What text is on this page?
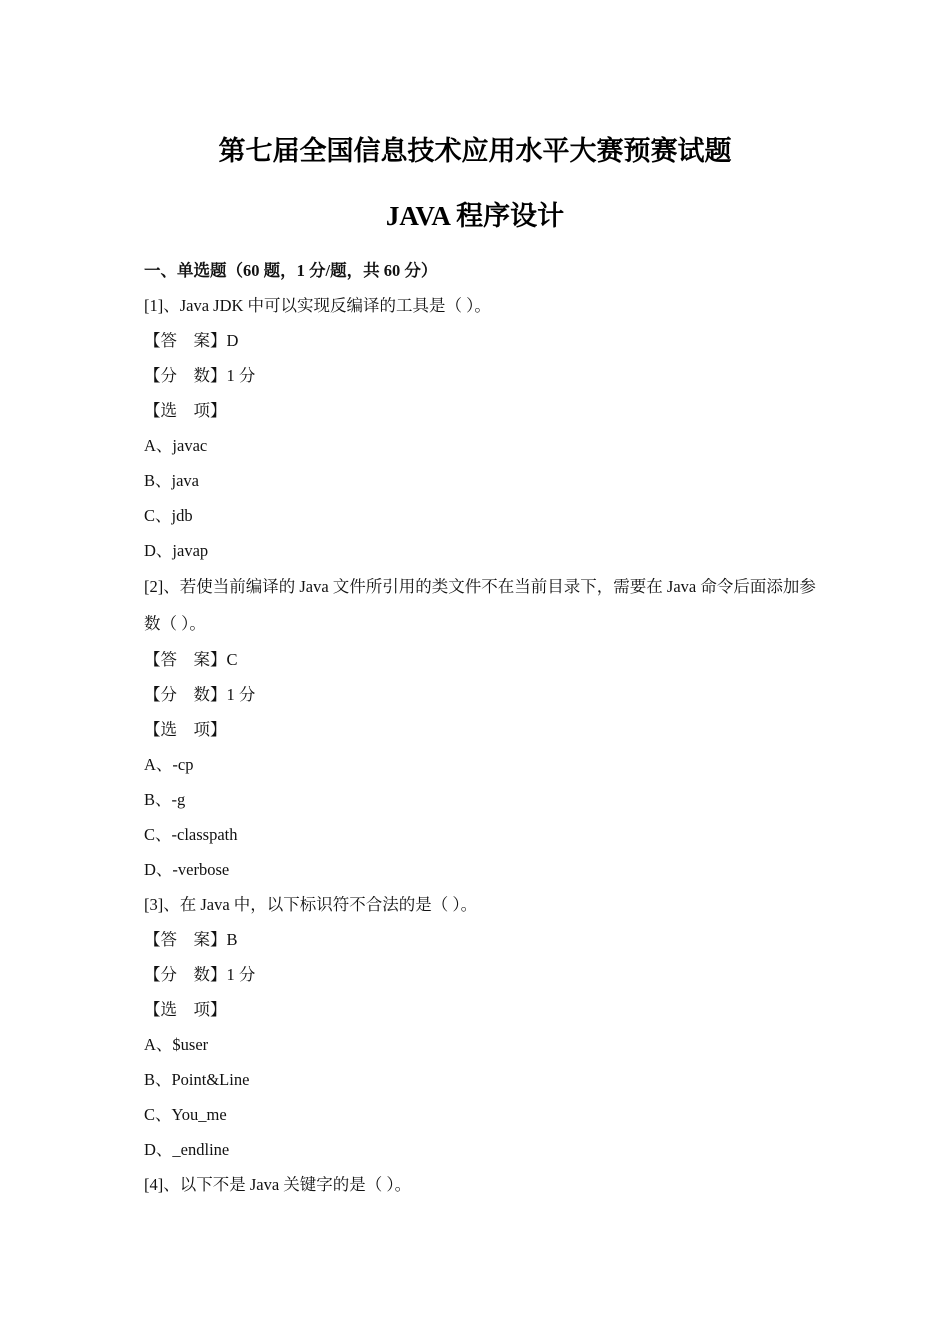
第七届全国信息技术应用水平大赛预赛试题
JAVA 程序设计
一、单选题（60 题，1 分/题，共 60 分）
[1]、Java JDK 中可以实现反编译的工具是（ ）。
【答　案】D
【分　数】1 分
【选　项】
A、javac
B、java
C、jdb
D、javap
[2]、若使当前编译的 Java 文件所引用的类文件不在当前目录下，需要在 Java 命令后面添加参数（ ）。
【答　案】C
【分　数】1 分
【选　项】
A、-cp
B、-g
C、-classpath
D、-verbose
[3]、在 Java 中，以下标识符不合法的是（ ）。
【答　案】B
【分　数】1 分
【选　项】
A、$user
B、Point&Line
C、You_me
D、_endline
[4]、以下不是 Java 关键字的是（ ）。
